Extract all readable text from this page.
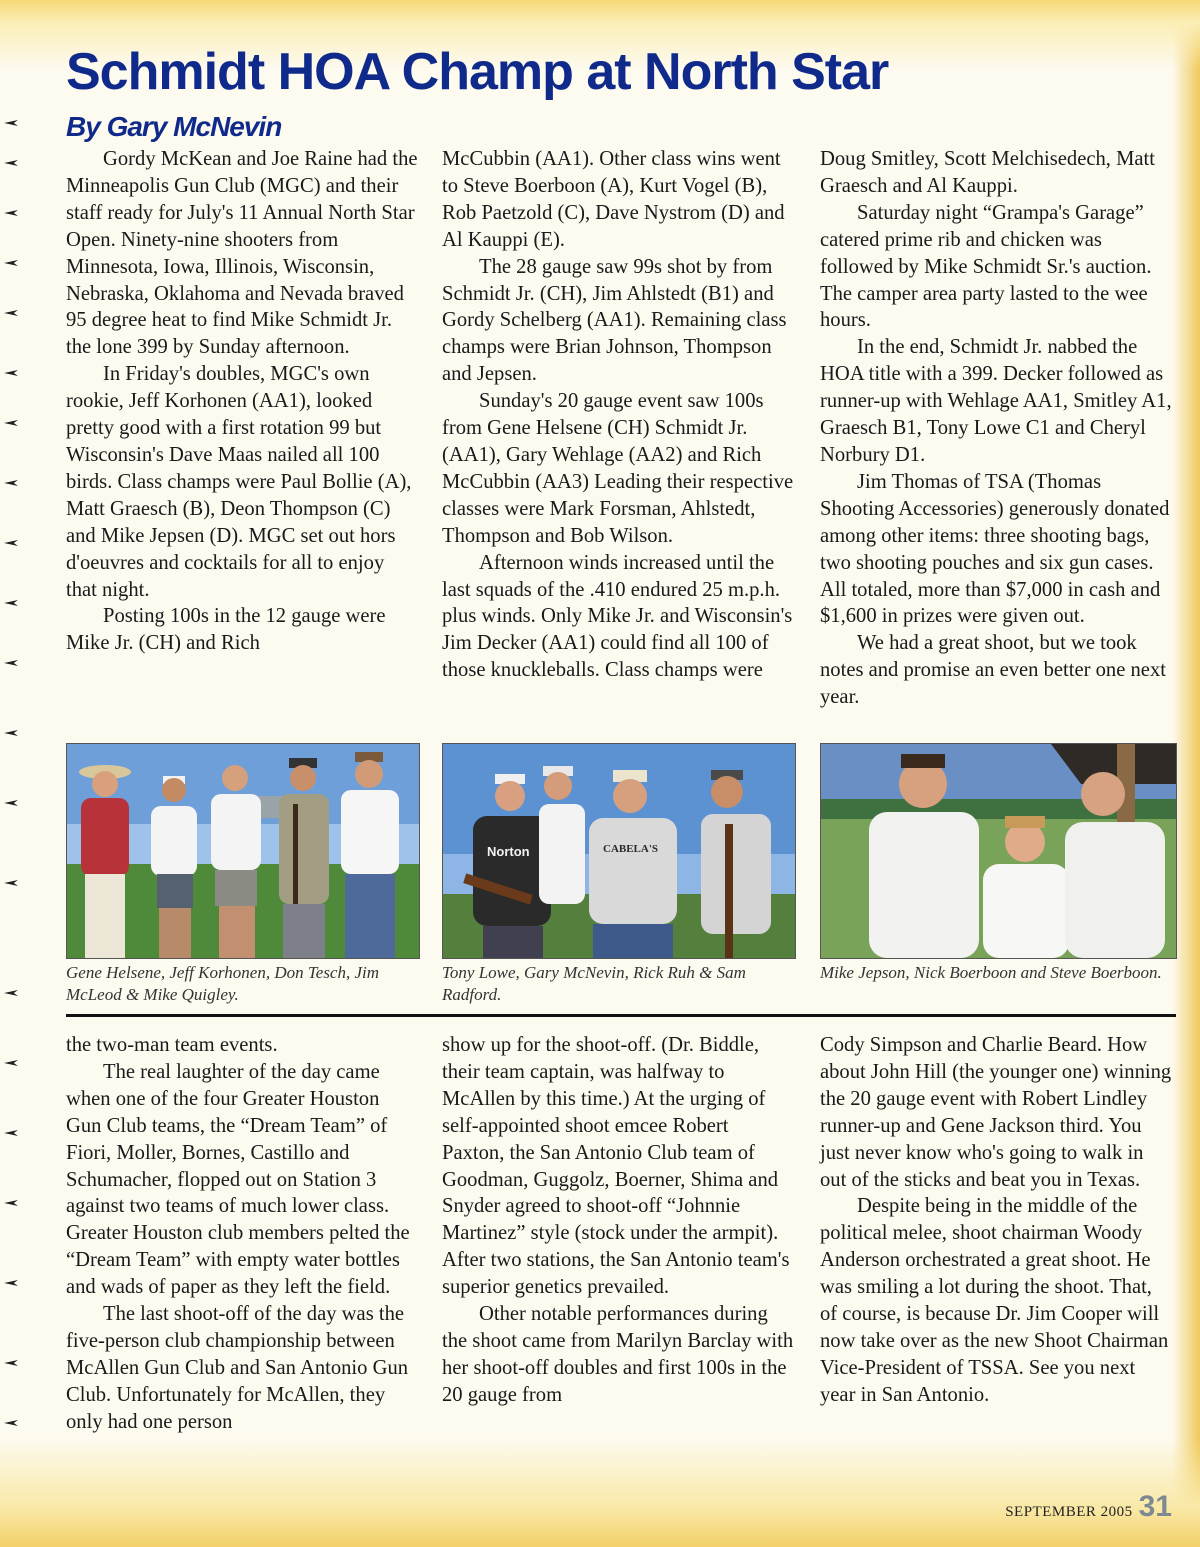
Schmidt HOA Champ at North Star
By Gary McNevin

Gordy McKean and Joe Raine had the Minneapolis Gun Club (MGC) and their staff ready for July's 11 Annual North Star Open. Ninety-nine shooters from Minnesota, Iowa, Illinois, Wisconsin, Nebraska, Oklahoma and Nevada braved 95 degree heat to find Mike Schmidt Jr. the lone 399 by Sunday afternoon.

In Friday's doubles, MGC's own rookie, Jeff Korhonen (AA1), looked pretty good with a first rotation 99 but Wisconsin's Dave Maas nailed all 100 birds. Class champs were Paul Bollie (A), Matt Graesch (B), Deon Thompson (C) and Mike Jepsen (D). MGC set out hors d'oeuvres and cocktails for all to enjoy that night.

Posting 100s in the 12 gauge were Mike Jr. (CH) and Rich

McCubbin (AA1). Other class wins went to Steve Boerboon (A), Kurt Vogel (B), Rob Paetzold (C), Dave Nystrom (D) and Al Kauppi (E).

The 28 gauge saw 99s shot by from Schmidt Jr. (CH), Jim Ahlstedt (B1) and Gordy Schelberg (AA1). Remaining class champs were Brian Johnson, Thompson and Jepsen.

Sunday's 20 gauge event saw 100s from Gene Helsene (CH) Schmidt Jr. (AA1), Gary Wehlage (AA2) and Rich McCubbin (AA3) Leading their respective classes were Mark Forsman, Ahlstedt, Thompson and Bob Wilson.

Afternoon winds increased until the last squads of the .410 endured 25 m.p.h. plus winds. Only Mike Jr. and Wisconsin's Jim Decker (AA1) could find all 100 of those knuckleballs. Class champs were

Doug Smitley, Scott Melchisedech, Matt Graesch and Al Kauppi.

Saturday night “Grampa's Garage” catered prime rib and chicken was followed by Mike Schmidt Sr.'s auction. The camper area party lasted to the wee hours.

In the end, Schmidt Jr. nabbed the HOA title with a 399. Decker followed as runner-up with Wehlage AA1, Smitley A1, Graesch B1, Tony Lowe C1 and Cheryl Norbury D1.

Jim Thomas of TSA (Thomas Shooting Accessories) generously donated among other items: three shooting bags, two shooting pouches and six gun cases. All totaled, more than $7,000 in cash and $1,600 in prizes were given out.

We had a great shoot, but we took notes and promise an even better one next year.

Norton	CABELA'S
Gene Helsene, Jeff Korhonen, Don Tesch, Jim McLeod & Mike Quigley.
Tony Lowe, Gary McNevin, Rick Ruh & Sam Radford.
Mike Jepson, Nick Boerboon and Steve Boerboon.

the two-man team events.

The real laughter of the day came when one of the four Greater Houston Gun Club teams, the “Dream Team” of Fiori, Moller, Bornes, Castillo and Schumacher, flopped out on Station 3 against two teams of much lower class. Greater Houston club members pelted the “Dream Team” with empty water bottles and wads of paper as they left the field.

The last shoot-off of the day was the five-person club championship between McAllen Gun Club and San Antonio Gun Club. Unfortunately for McAllen, they only had one person

show up for the shoot-off. (Dr. Biddle, their team captain, was halfway to McAllen by this time.) At the urging of self-appointed shoot emcee Robert Paxton, the San Antonio Club team of Goodman, Guggolz, Boerner, Shima and Snyder agreed to shoot-off “Johnnie Martinez” style (stock under the armpit). After two stations, the San Antonio team's superior genetics prevailed.

Other notable performances during the shoot came from Marilyn Barclay with her shoot-off doubles and first 100s in the 20 gauge from

Cody Simpson and Charlie Beard. How about John Hill (the younger one) winning the 20 gauge event with Robert Lindley runner-up and Gene Jackson third. You just never know who's going to walk in out of the sticks and beat you in Texas.

Despite being in the middle of the political melee, shoot chairman Woody Anderson orchestrated a great shoot. He was smiling a lot during the shoot. That, of course, is because Dr. Jim Cooper will now take over as the new Shoot Chairman Vice-President of TSSA. See you next year in San Antonio.

SEPTEMBER 2005 31
